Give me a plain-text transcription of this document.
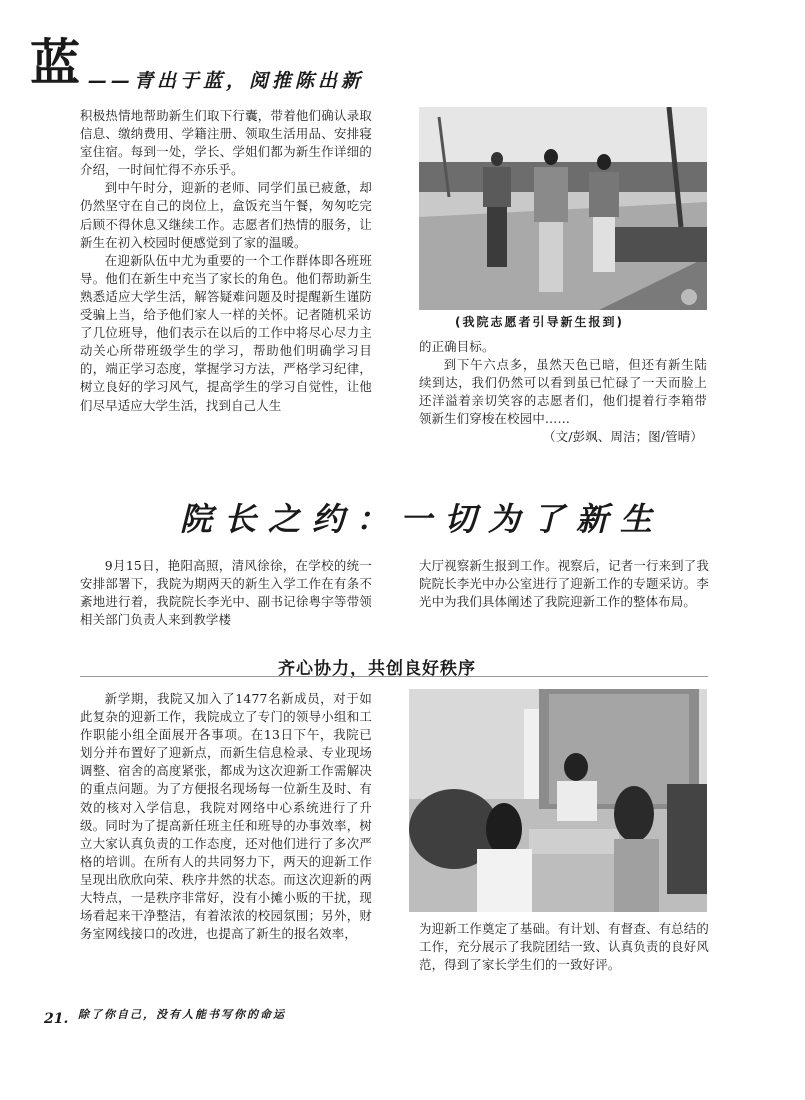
蓝 ——青出于蓝，阅推陈出新

积极热情地帮助新生们取下行囊，带着他们确认录取信息、缴纳费用、学籍注册、领取生活用品、安排寝室住宿。每到一处，学长、学姐们都为新生作详细的介绍，一时间忙得不亦乐乎。

到中午时分，迎新的老师、同学们虽已疲惫，却仍然坚守在自己的岗位上，盒饭充当午餐，匆匆吃完后顾不得休息又继续工作。志愿者们热情的服务，让新生在初入校园时便感觉到了家的温暖。

在迎新队伍中尤为重要的一个工作群体即各班班导。他们在新生中充当了家长的角色。他们帮助新生熟悉适应大学生活，解答疑难问题及时提醒新生谨防受骗上当，给予他们家人一样的关怀。记者随机采访了几位班导，他们表示在以后的工作中将尽心尽力主动关心所带班级学生的学习，帮助他们明确学习目的，端正学习态度，掌握学习方法，严格学习纪律，树立良好的学习风气，提高学生的学习自觉性，让他们尽早适应大学生活，找到自己人生

(我院志愿者引导新生报到)

的正确目标。

到下午六点多，虽然天色已暗，但还有新生陆续到达，我们仍然可以看到虽已忙碌了一天而脸上还洋溢着亲切笑容的志愿者们，他们提着行李箱带领新生们穿梭在校园中……

（文/彭飒、周洁；图/管晴）

院长之约：一切为了新生

9月15日，艳阳高照，清风徐徐，在学校的统一安排部署下，我院为期两天的新生入学工作在有条不紊地进行着，我院院长李光中、副书记徐粤宇等带领相关部门负责人来到教学楼

大厅视察新生报到工作。视察后，记者一行来到了我院院长李光中办公室进行了迎新工作的专题采访。李光中为我们具体阐述了我院迎新工作的整体布局。

齐心协力，共创良好秩序

新学期，我院又加入了1477名新成员，对于如此复杂的迎新工作，我院成立了专门的领导小组和工作职能小组全面展开各事项。在13日下午，我院已划分并布置好了迎新点，而新生信息检录、专业现场调整、宿舍的高度紧张，都成为这次迎新工作需解决的重点问题。为了方便报名现场每一位新生及时、有效的核对入学信息，我院对网络中心系统进行了升级。同时为了提高新任班主任和班导的办事效率，树立大家认真负责的工作态度，还对他们进行了多次严格的培训。在所有人的共同努力下，两天的迎新工作呈现出欣欣向荣、秩序井然的状态。而这次迎新的两大特点，一是秩序非常好，没有小摊小贩的干扰，现场看起来干净整洁，有着浓浓的校园氛围；另外，财务室网线接口的改进，也提高了新生的报名效率，	为迎新工作奠定了基础。有计划、有督查、有总结的工作，充分展示了我院团结一致、认真负责的良好风范，得到了家长学生们的一致好评。

21. 除了你自己，没有人能书写你的命运
